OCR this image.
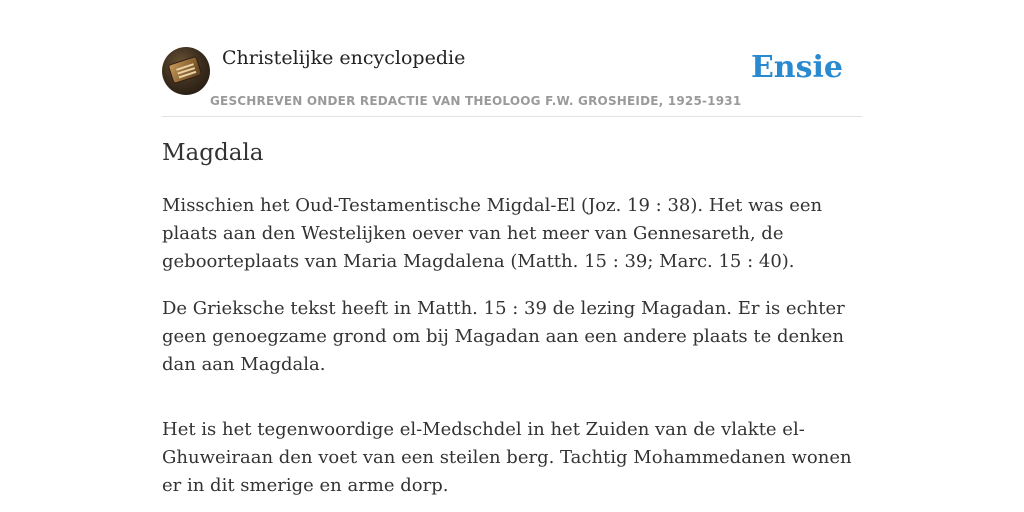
Christelijke encyclopedie
GESCHREVEN ONDER REDACTIE VAN THEOLOOG F.W. GROSHEIDE, 1925-1931
Ensie
Magdala

Misschien het Oud-Testamentische Migdal-El (Joz. 19 : 38). Het was een plaats aan den Westelijken oever van het meer van Gennesareth, de geboorteplaats van Maria Magdalena (Matth. 15 : 39; Marc. 15 : 40).

De Grieksche tekst heeft in Matth. 15 : 39 de lezing Magadan. Er is echter geen genoegzame grond om bij Magadan aan een andere plaats te denken dan aan Magdala.

Het is het tegenwoordige el-Medschdel in het Zuiden van de vlakte el-Ghuweiraan den voet van een steilen berg. Tachtig Mohammedanen wonen er in dit smerige en arme dorp.
